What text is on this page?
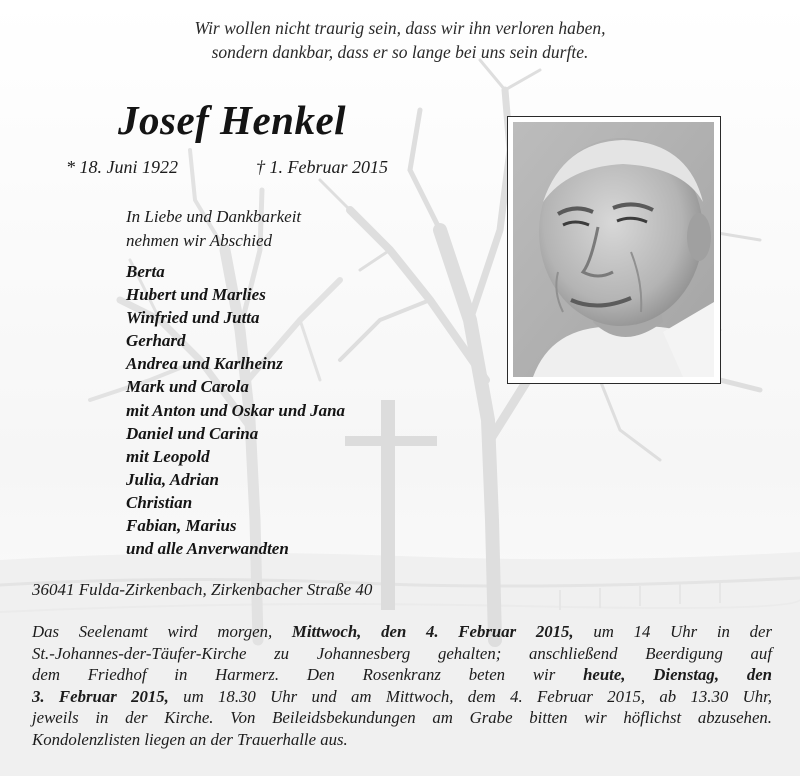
Wir wollen nicht traurig sein, dass wir ihn verloren haben,
sondern dankbar, dass er so lange bei uns sein durfte.
Josef Henkel
* 18. Juni 1922	† 1. Februar 2015
In Liebe und Dankbarkeit
nehmen wir Abschied
Berta
Hubert und Marlies
Winfried und Jutta
Gerhard
Andrea und Karlheinz
Mark und Carola
mit Anton und Oskar und Jana
Daniel und Carina
mit Leopold
Julia, Adrian
Christian
Fabian, Marius
und alle Anverwandten
36041 Fulda-Zirkenbach, Zirkenbacher Straße 40
Das Seelenamt wird morgen, Mittwoch, den 4. Februar 2015, um 14 Uhr in der
St.-Johannes-der-Täufer-Kirche zu Johannesberg gehalten; anschließend Beerdigung auf
dem Friedhof in Harmerz. Den Rosenkranz beten wir heute, Dienstag, den
3. Februar 2015, um 18.30 Uhr und am Mittwoch, dem 4. Februar 2015, ab 13.30 Uhr,
jeweils in der Kirche. Von Beileidsbekundungen am Grabe bitten wir höflichst abzusehen.
Kondolenzlisten liegen an der Trauerhalle aus.
